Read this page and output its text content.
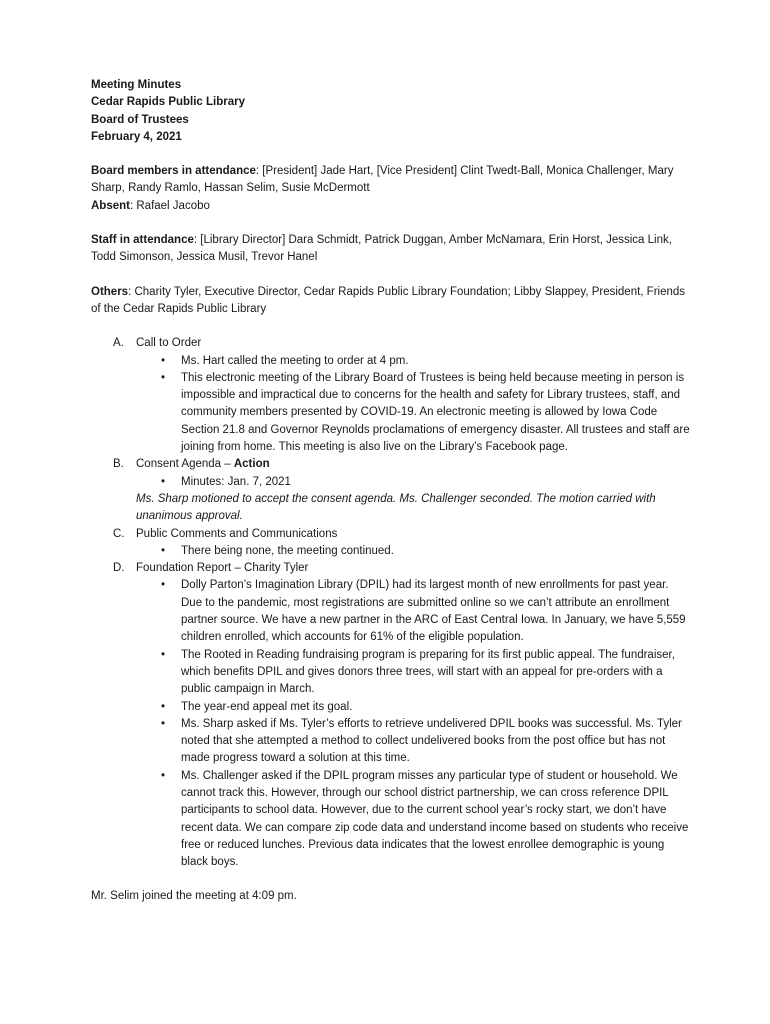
Meeting Minutes
Cedar Rapids Public Library
Board of Trustees
February 4, 2021
Board members in attendance: [President] Jade Hart, [Vice President] Clint Twedt-Ball, Monica Challenger, Mary Sharp, Randy Ramlo, Hassan Selim, Susie McDermott
Absent: Rafael Jacobo
Staff in attendance: [Library Director] Dara Schmidt, Patrick Duggan, Amber McNamara, Erin Horst, Jessica Link, Todd Simonson, Jessica Musil, Trevor Hanel
Others: Charity Tyler, Executive Director, Cedar Rapids Public Library Foundation; Libby Slappey, President, Friends of the Cedar Rapids Public Library
A. Call to Order
• Ms. Hart called the meeting to order at 4 pm.
• This electronic meeting of the Library Board of Trustees is being held because meeting in person is impossible and impractical due to concerns for the health and safety for Library trustees, staff, and community members presented by COVID-19. An electronic meeting is allowed by Iowa Code Section 21.8 and Governor Reynolds proclamations of emergency disaster. All trustees and staff are joining from home. This meeting is also live on the Library’s Facebook page.
B. Consent Agenda – Action
• Minutes: Jan. 7, 2021
Ms. Sharp motioned to accept the consent agenda. Ms. Challenger seconded. The motion carried with unanimous approval.
C. Public Comments and Communications
• There being none, the meeting continued.
D. Foundation Report – Charity Tyler
• Dolly Parton’s Imagination Library (DPIL) had its largest month of new enrollments for past year. Due to the pandemic, most registrations are submitted online so we can’t attribute an enrollment partner source. We have a new partner in the ARC of East Central Iowa. In January, we have 5,559 children enrolled, which accounts for 61% of the eligible population.
• The Rooted in Reading fundraising program is preparing for its first public appeal. The fundraiser, which benefits DPIL and gives donors three trees, will start with an appeal for pre-orders with a public campaign in March.
• The year-end appeal met its goal.
• Ms. Sharp asked if Ms. Tyler’s efforts to retrieve undelivered DPIL books was successful. Ms. Tyler noted that she attempted a method to collect undelivered books from the post office but has not made progress toward a solution at this time.
• Ms. Challenger asked if the DPIL program misses any particular type of student or household. We cannot track this. However, through our school district partnership, we can cross reference DPIL participants to school data. However, due to the current school year’s rocky start, we don’t have recent data. We can compare zip code data and understand income based on students who receive free or reduced lunches. Previous data indicates that the lowest enrollee demographic is young black boys.
Mr. Selim joined the meeting at 4:09 pm.
